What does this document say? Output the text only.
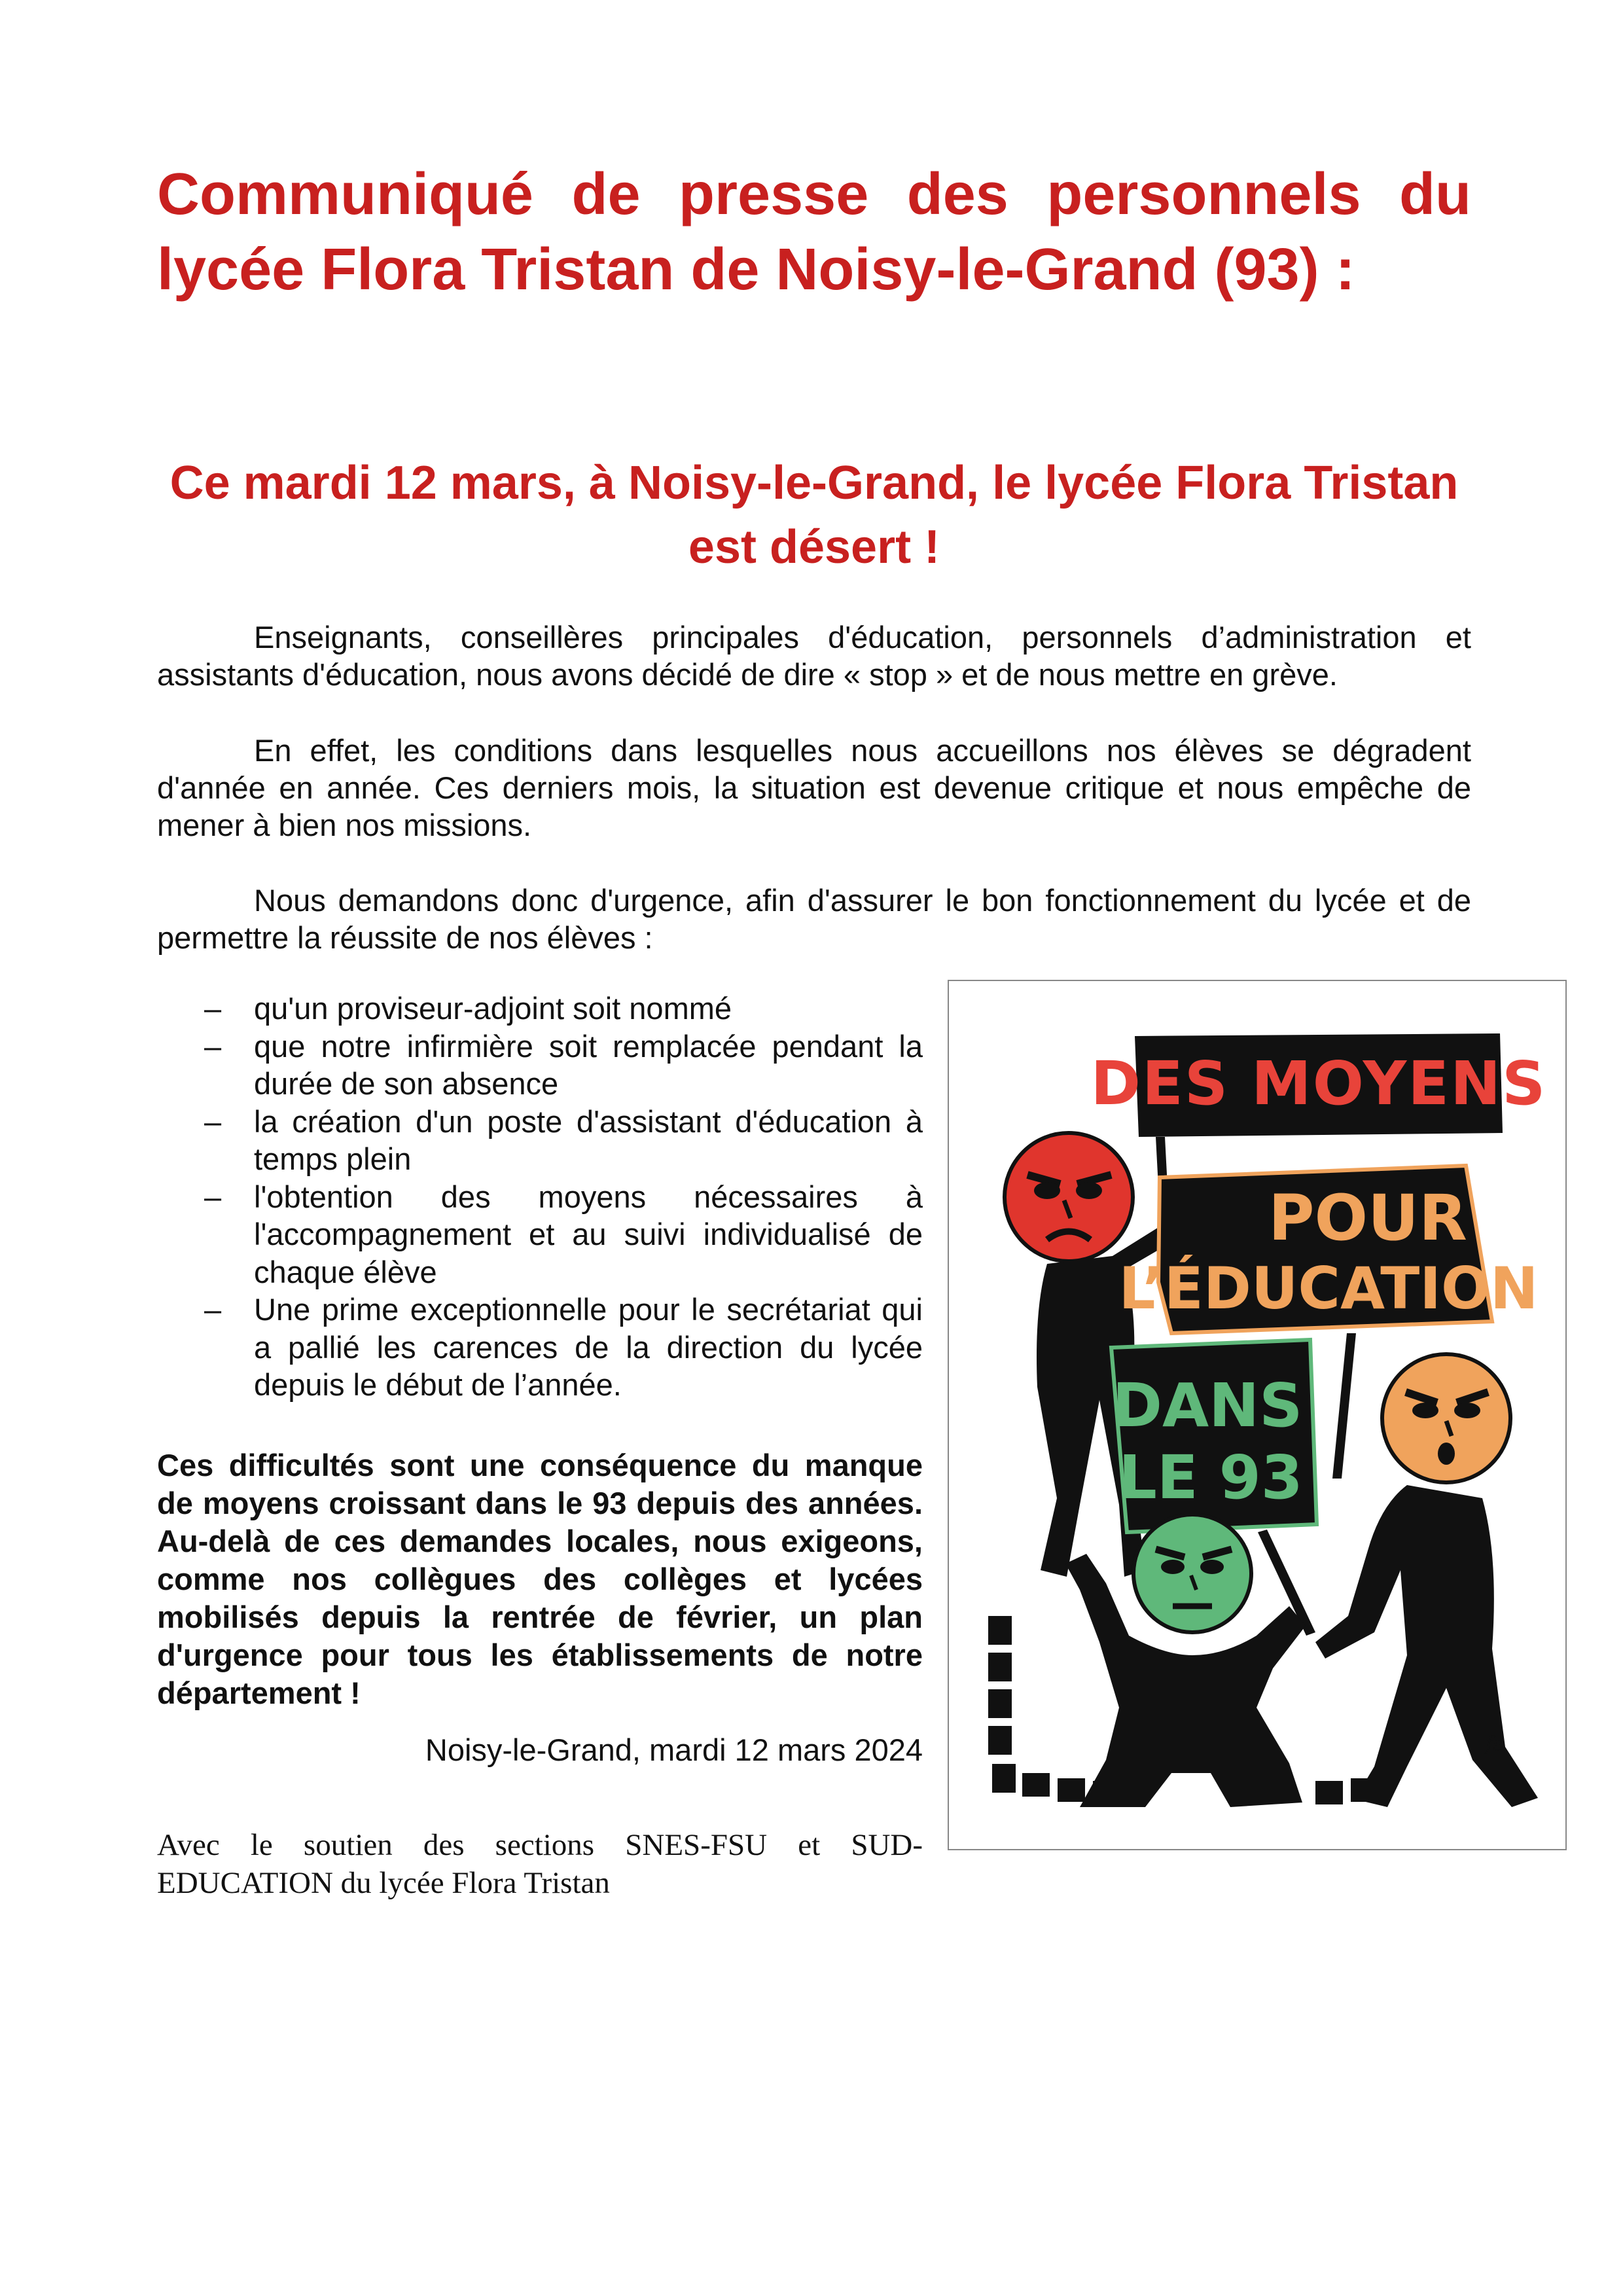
Communiqué de presse des personnels du lycée Flora Tristan de Noisy-le-Grand (93) :
Ce mardi 12 mars, à Noisy-le-Grand, le lycée Flora Tristan est désert !

Enseignants, conseillères principales d'éducation, personnels d’administration et assistants d'éducation, nous avons décidé de dire « stop » et de nous mettre en grève.

En effet, les conditions dans lesquelles nous accueillons nos élèves se dégradent d'année en année. Ces derniers mois, la situation est devenue critique et nous empêche de mener à bien nos missions.

Nous demandons donc d'urgence, afin d'assurer le bon fonctionnement du lycée et de permettre la réussite de nos élèves :

– qu'un proviseur-adjoint soit nommé
– que notre infirmière soit remplacée pendant la durée de son absence
– la création d'un poste d'assistant d'éducation à temps plein
– l'obtention des moyens nécessaires à l'accompagnement et au suivi individualisé de chaque élève
– Une prime exceptionnelle pour le secrétariat qui a pallié les carences de la direction du lycée depuis le début de l’année.

Ces difficultés sont une conséquence du manque de moyens croissant dans le 93 depuis des années. Au-delà de ces demandes locales, nous exigeons, comme nos collègues des collèges et lycées mobilisés depuis la rentrée de février, un plan d'urgence pour tous les établissements de notre département !

Noisy-le-Grand, mardi 12 mars 2024

Avec le soutien des sections SNES-FSU et SUD-EDUCATION du lycée Flora Tristan

DES MOYENS
POUR
L’ÉDUCATION
DANS
LE 93
fs
